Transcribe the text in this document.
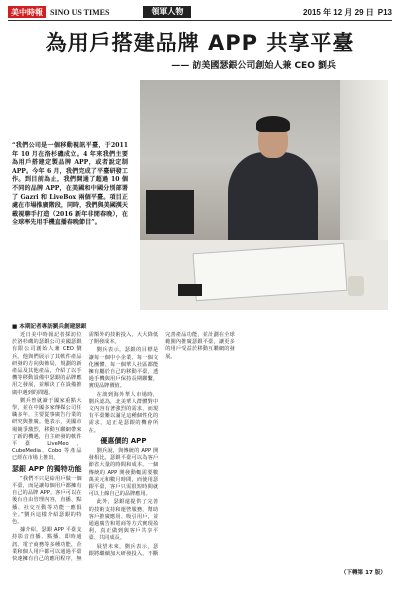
美中時報 SINO US TIMES	領軍人物	2015 年 12 月 29 日 P13
為用戶搭建品牌 APP 共享平臺
—— 訪美國瑟銀公司創始人兼 CEO 劉兵
“我們公司是一個移動視訊平臺，于2011 年 10 月在洛杉磯成立。4 年來我們主要為用戶搭建定製品牌 APP，或者說定制APP。今年 6 月，我們完成了平臺研發工作。到目前為止，我們開通了超過 10 個不同的品牌 APP，在美國和中國分別部署了 Gazri 和 LiveBox 兩個平臺。項目正處在市場推廣階段，同時，我們與美國漢天載視聊手打造（2016 新年非閒春晚），在全球率先用手機直播春晚節目”。
■ 本期記者專訪劉兵創建瑟銀

近日美中時報記者採訪位於洛杉磯的瑟銀公司美國瑟銀有限公司創始人兼 CEO 劉兵。他與們展示了其軟件產品研發的方向與佈局，規劃的新產品及其他產品，介紹了以手機等移動設備中瑟銀的品牌應用之發展，並解決了在設備推廣中遇到的問題。

劉兵曾就讀于國家重點大學，並在中國多家傳媒公司任職多年，主要從事廣告行業的研究與推廣。他表示，美國市場競爭激烈，移動互聯網帶來了新的機遇，自主研發的軟件平臺 LiveMeo、CubeMedia、Cobo 等產品已經在市場上推出。

瑟銀 APP 的獨特功能

“我們不只是給用戶做一個平臺，而是讓每個用戶都擁有自己的品牌 APP。客戶可以在後台自由管理內容，直播、點播、社交互動等功能一應俱全。”劉兵這樣介紹瑟銀的特色。

據介紹，瑟銀 APP 平臺支持影音直播、點播、即時通訊、電子商務等多種功能，企業和個人用戶都可以通過平臺快速擁有自己的應用程序，無需額外的技術投入，大大降低了開發成本。

劉兵表示，瑟銀的目標是讓每一個中小企業、每一個文化團體、每一個華人社區都能擁有屬於自己的移動平臺，透過手機與用戶保持長期聯繫，實現品牌價值。

在談到海外華人市場時，劉兵認為，北美華人群體對中文內容有著強烈的需求，而現有平臺難以滿足這種個性化的需求，這正是瑟銀的機會所在。

優惠價的 APP

劉兵說，與傳統的 APP 開發相比，瑟銀平臺可以為客戶節省大量的時間和成本。一個傳統的 APP 開發動輒需要數萬美元和數月時間，而使用瑟銀平臺，客戶只需很短時間就可以上線自己的品牌應用。

此外，瑟銀還提供了完善的技術支持和運營服務，幫助客戶推廣應用、吸引用戶，並通過廣告和電商等方式實現盈利，真正做到與客戶共享平臺、共同成長。

展望未來，劉兵表示，瑟銀將繼續加大研發投入，不斷完善產品功能，並計劃在全球範圍內推廣瑟銀平臺，讓更多的用戶受益於移動互聯網的發展。

（下轉第 17 版）
